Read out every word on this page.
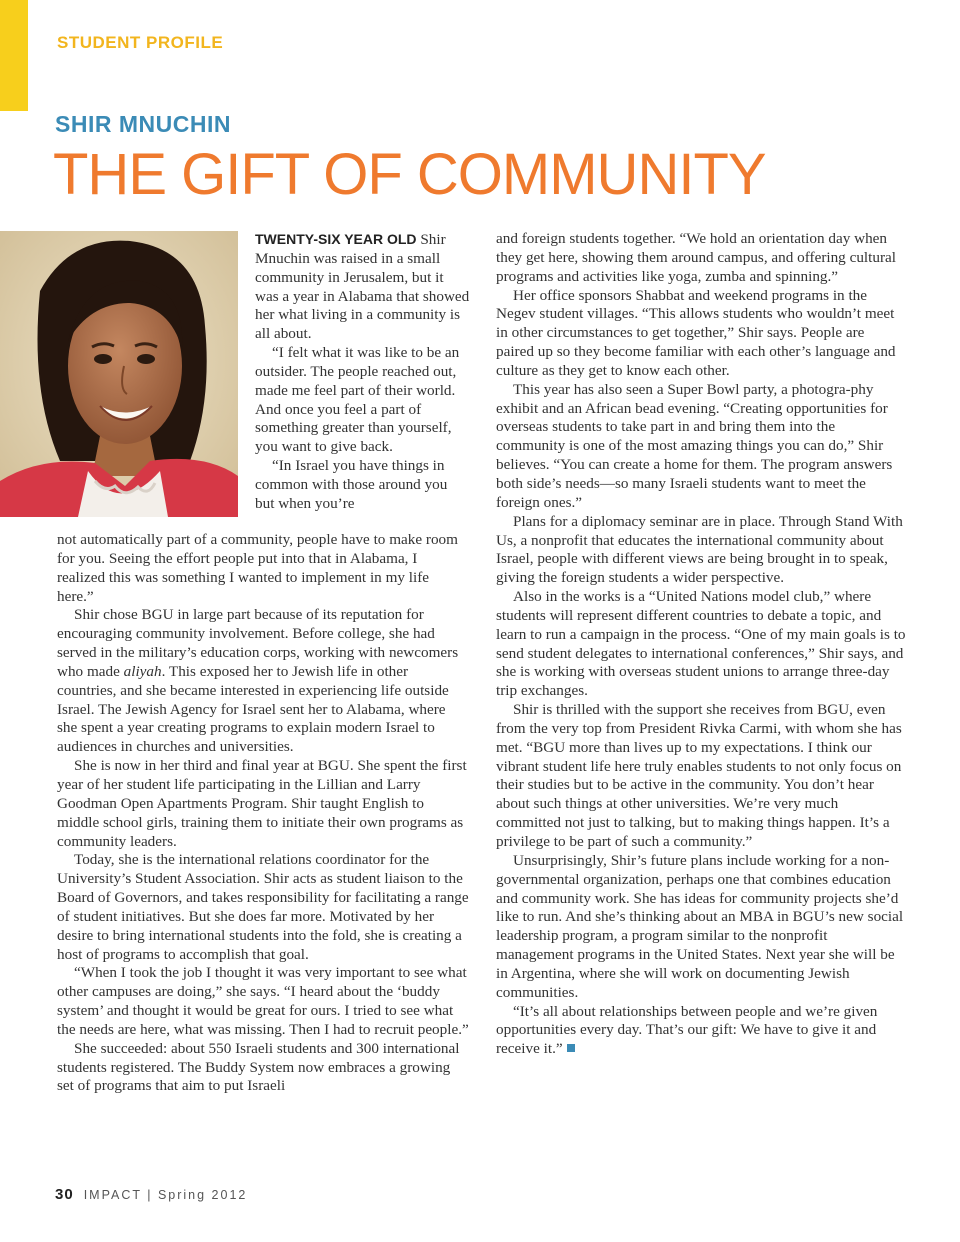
STUDENT PROFILE
SHIR MNUCHIN
THE GIFT OF COMMUNITY

TWENTY-SIX YEAR OLD Shir Mnuchin was raised in a small community in Jerusalem, but it was a year in Alabama that showed her what living in a community is all about.

“I felt what it was like to be an outsider. The people reached out, made me feel part of their world. And once you feel a part of something greater than yourself, you want to give back.

“In Israel you have things in common with those around you but when you’re

not automatically part of a community, people have to make room for you. Seeing the effort people put into that in Alabama, I realized this was something I wanted to implement in my life here.”

Shir chose BGU in large part because of its reputation for encouraging community involvement. Before college, she had served in the military’s education corps, working with newcomers who made aliyah. This exposed her to Jewish life in other countries, and she became interested in experiencing life outside Israel. The Jewish Agency for Israel sent her to Alabama, where she spent a year creating programs to explain modern Israel to audiences in churches and universities.

She is now in her third and final year at BGU. She spent the first year of her student life participating in the Lillian and Larry Goodman Open Apartments Program. Shir taught English to middle school girls, training them to initiate their own programs as community leaders.

Today, she is the international relations coordinator for the University’s Student Association. Shir acts as student liaison to the Board of Governors, and takes responsibility for facilitating a range of student initiatives. But she does far more. Motivated by her desire to bring international students into the fold, she is creating a host of programs to accomplish that goal.

“When I took the job I thought it was very important to see what other campuses are doing,” she says. “I heard about the ‘buddy system’ and thought it would be great for ours. I tried to see what the needs are here, what was missing. Then I had to recruit people.”

She succeeded: about 550 Israeli students and 300 international students registered. The Buddy System now embraces a growing set of programs that aim to put Israeli

and foreign students together. “We hold an orientation day when they get here, showing them around campus, and offering cultural programs and activities like yoga, zumba and spinning.”

Her office sponsors Shabbat and weekend programs in the Negev student villages. “This allows students who wouldn’t meet in other circumstances to get together,” Shir says. People are paired up so they become familiar with each other’s language and culture as they get to know each other.

This year has also seen a Super Bowl party, a photogra-phy exhibit and an African bead evening. “Creating opportunities for overseas students to take part in and bring them into the community is one of the most amazing things you can do,” Shir believes. “You can create a home for them. The program answers both side’s needs—so many Israeli students want to meet the foreign ones.”

Plans for a diplomacy seminar are in place. Through Stand With Us, a nonprofit that educates the international community about Israel, people with different views are being brought in to speak, giving the foreign students a wider perspective.

Also in the works is a “United Nations model club,” where students will represent different countries to debate a topic, and learn to run a campaign in the process. “One of my main goals is to send student delegates to international conferences,” Shir says, and she is working with overseas student unions to arrange three-day trip exchanges.

Shir is thrilled with the support she receives from BGU, even from the very top from President Rivka Carmi, with whom she has met. “BGU more than lives up to my expectations. I think our vibrant student life here truly enables students to not only focus on their studies but to be active in the community. You don’t hear about such things at other universities. We’re very much committed not just to talking, but to making things happen. It’s a privilege to be part of such a community.”

Unsurprisingly, Shir’s future plans include working for a non-governmental organization, perhaps one that combines education and community work. She has ideas for community projects she’d like to run. And she’s thinking about an MBA in BGU’s new social leadership program, a program similar to the nonprofit management programs in the United States. Next year she will be in Argentina, where she will work on documenting Jewish communities.

“It’s all about relationships between people and we’re given opportunities every day. That’s our gift: We have to give it and receive it.”

30 IMPACT | Spring 2012
